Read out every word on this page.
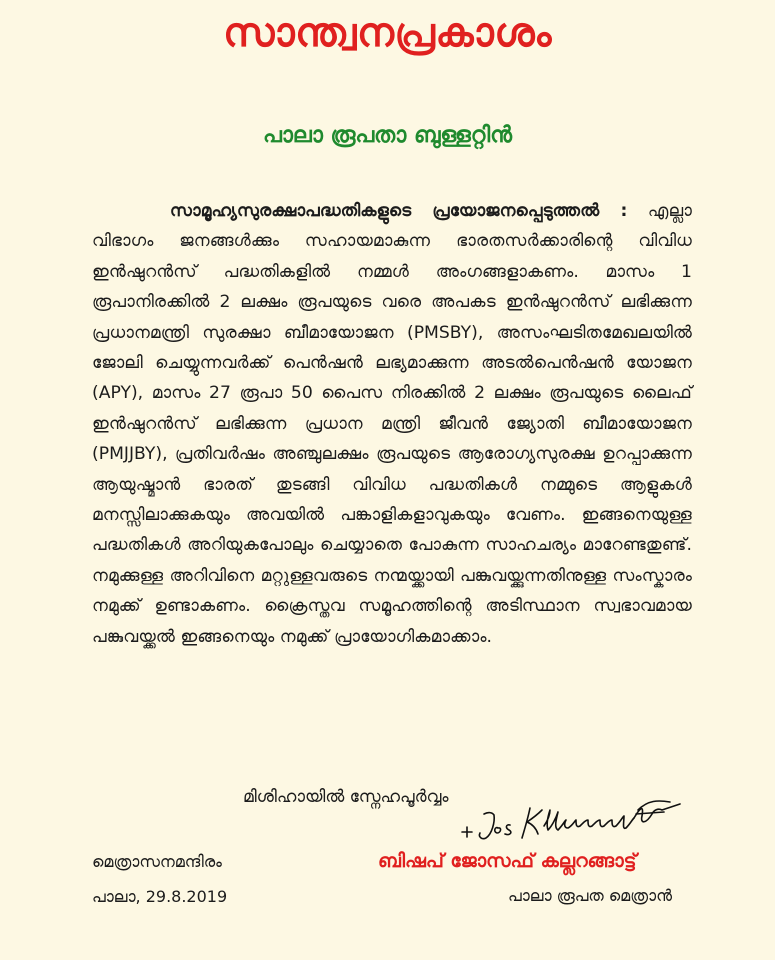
സാന്ത്വനപ്രകാശം
പാലാ രൂപതാ ബുള്ളറ്റിൻ
സാമൂഹ്യസുരക്ഷാപദ്ധതികളുടെ പ്രയോജനപ്പെടുത്തൽ : എല്ലാ വിഭാഗം ജനങ്ങൾക്കും സഹായമാകുന്ന ഭാരതസർക്കാരിന്റെ വിവിധ ഇൻഷുറൻസ് പദ്ധതികളിൽ നമ്മൾ അംഗങ്ങളാകണം. മാസം 1 രൂപാനിരക്കിൽ 2 ലക്ഷം രൂപയുടെ വരെ അപകട ഇൻഷുറൻസ് ലഭിക്കുന്ന പ്രധാനമന്ത്രി സുരക്ഷാ ബീമായോജന (PMSBY), അസംഘടിതമേഖലയിൽ ജോലി ചെയ്യുന്നവർക്ക് പെൻഷൻ ലഭ്യമാക്കുന്ന അടൽപെൻഷൻ യോജന (APY), മാസം 27 രൂപാ 50 പൈസ നിരക്കിൽ 2 ലക്ഷം രൂപയുടെ ലൈഫ് ഇൻഷുറൻസ് ലഭിക്കുന്ന പ്രധാന മന്ത്രി ജീവൻ ജ്യോതി ബീമായോജന (PMJJBY), പ്രതിവർഷം അഞ്ചുലക്ഷം രൂപയുടെ ആരോഗ്യസുരക്ഷ ഉറപ്പാക്കുന്ന ആയുഷ്മാൻ ഭാരത് തുടങ്ങി വിവിധ പദ്ധതികൾ നമ്മുടെ ആളുകൾ മനസ്സിലാക്കുകയും അവയിൽ പങ്കാളികളാവുകയും വേണം. ഇങ്ങനെയുള്ള പദ്ധതികൾ അറിയുകപോലും ചെയ്യാതെ പോകുന്ന സാഹചര്യം മാറേണ്ടതുണ്ട്. നമുക്കുള്ള അറിവിനെ മറ്റുള്ളവരുടെ നന്മയ്ക്കായി പങ്കുവയ്ക്കുന്നതിനുള്ള സംസ്കാരം നമുക്ക് ഉണ്ടാകണം. ക്രൈസ്തവ സമൂഹത്തിന്റെ അടിസ്ഥാന സ്വഭാവമായ പങ്കുവയ്ക്കൽ ഇങ്ങനെയും നമുക്ക് പ്രായോഗികമാക്കാം.
മിശിഹായിൽ സ്നേഹപൂർവ്വം
മെത്രാസനമന്ദിരം
പാലാ, 29.8.2019
ബിഷപ് ജോസഫ് കല്ലറങ്ങാട്ട്
പാലാ രൂപത മെത്രാൻ
